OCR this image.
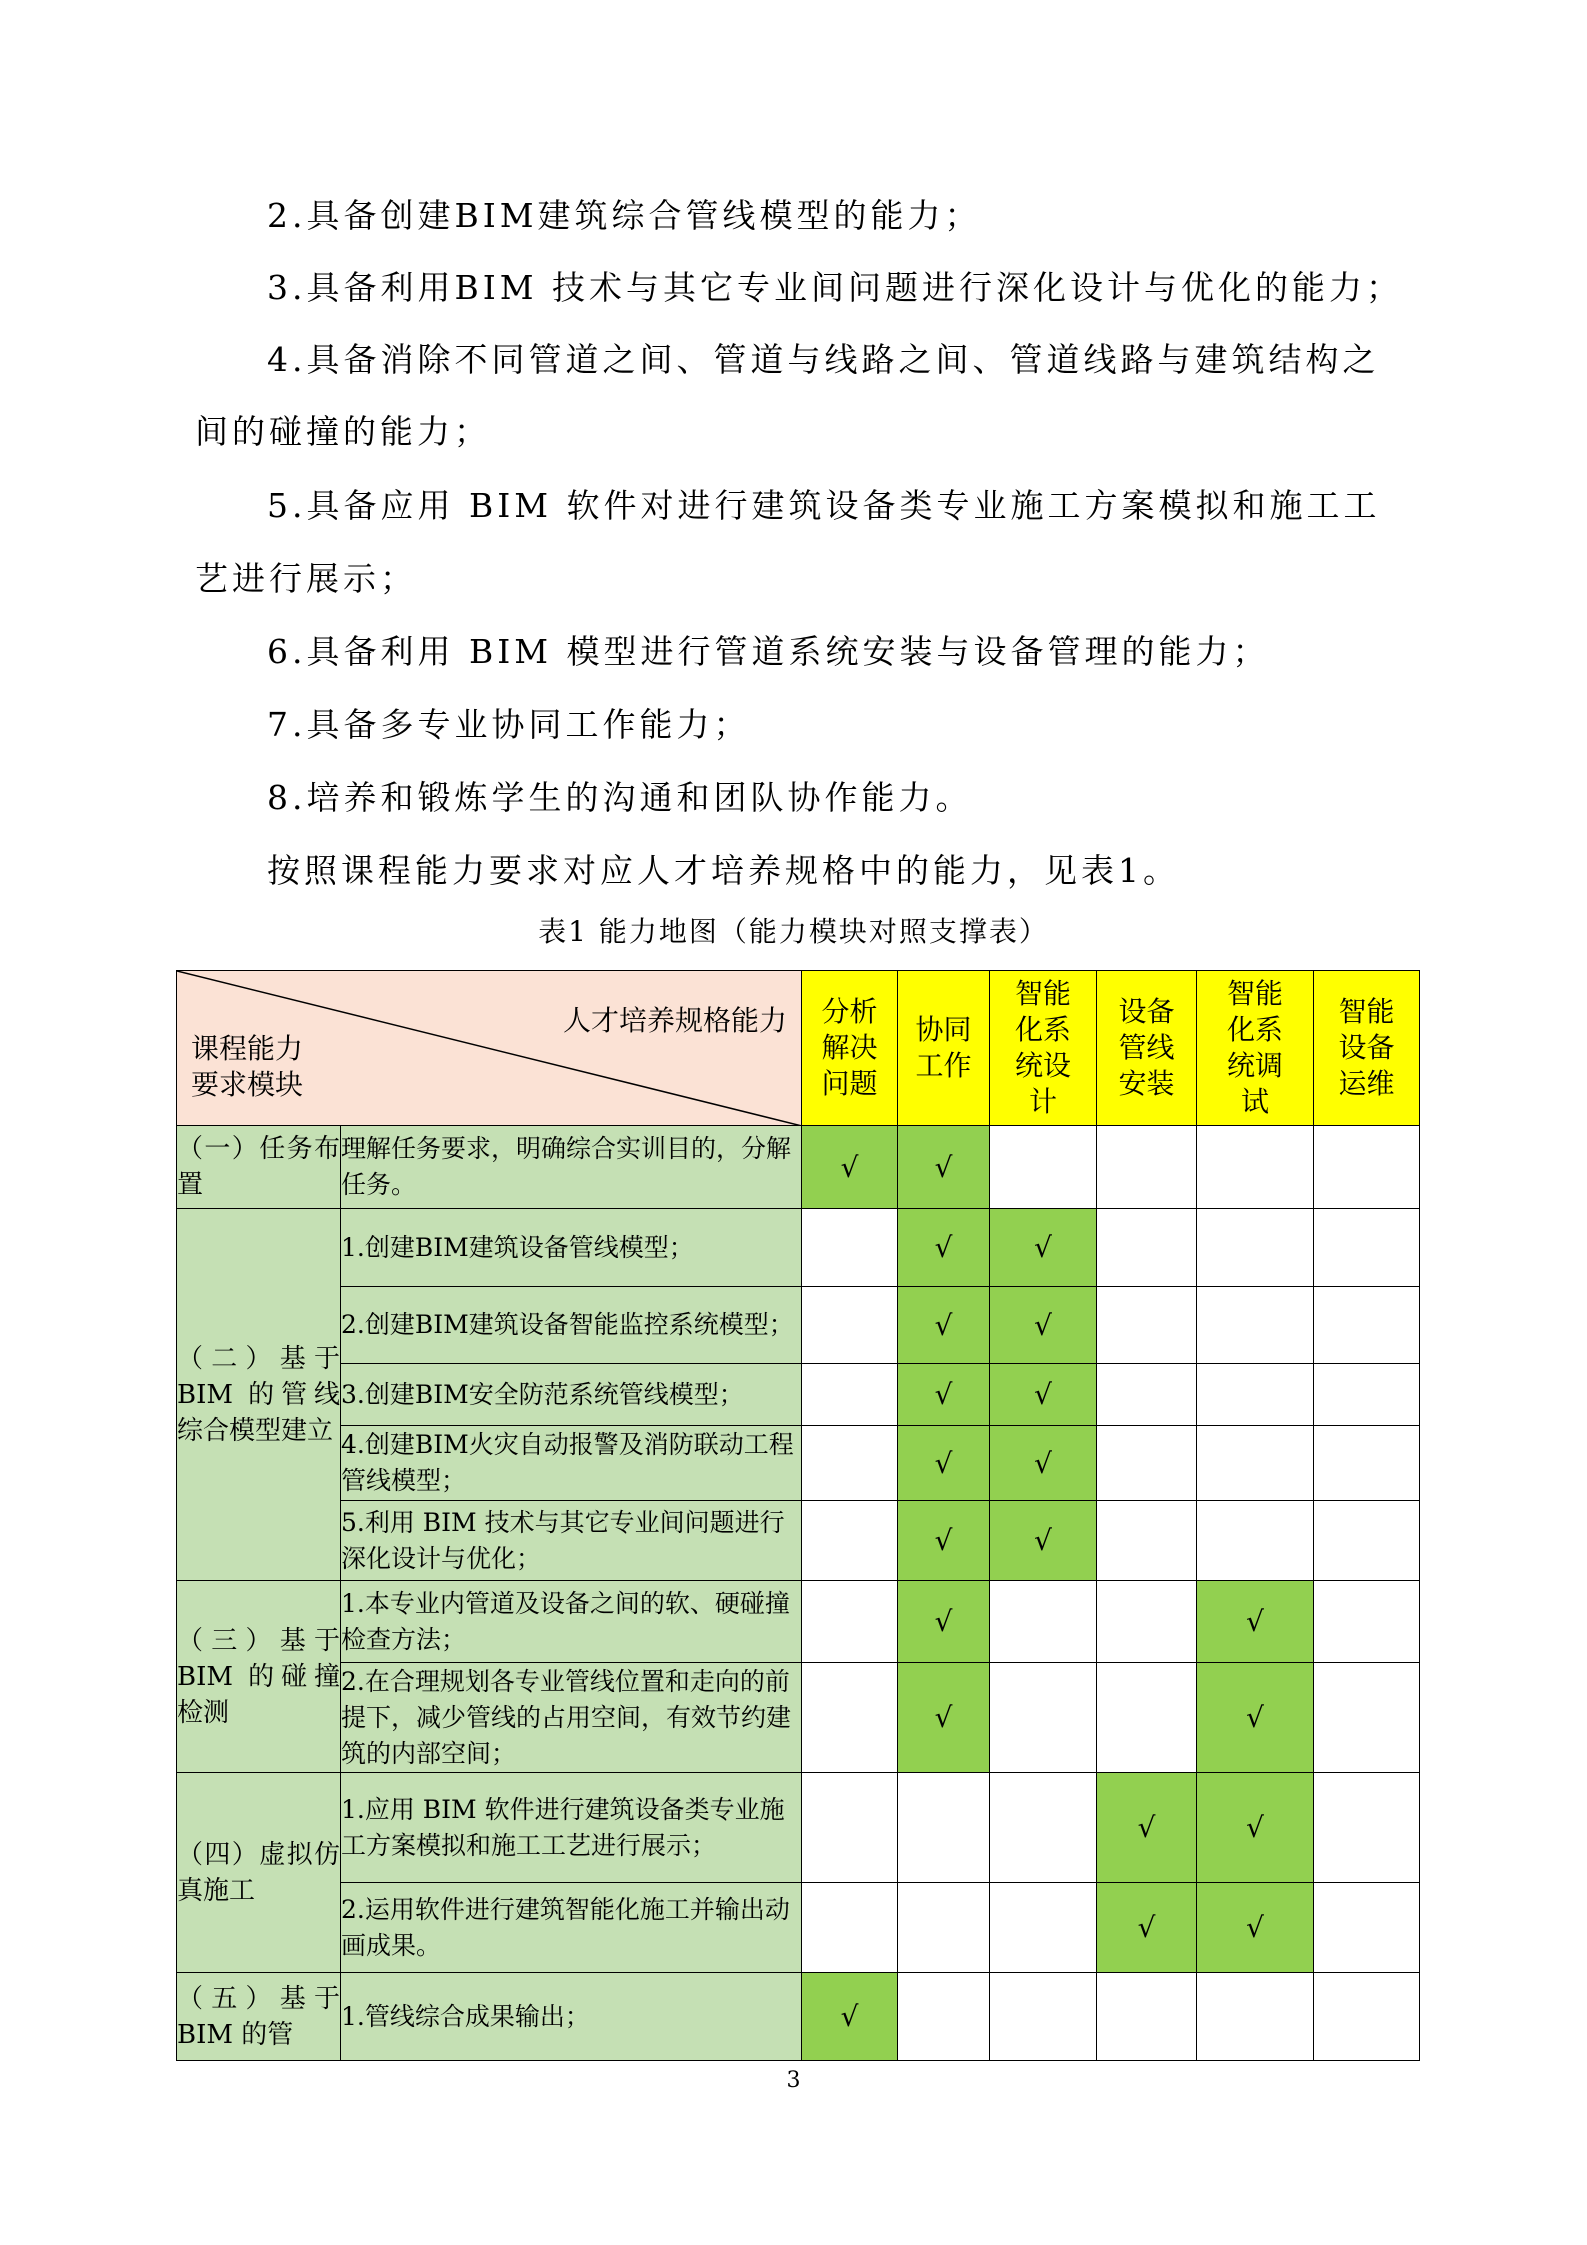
2.具备创建BIM建筑综合管线模型的能力；
3.具备利用BIM 技术与其它专业间问题进行深化设计与优化的能力；
4.具备消除不同管道之间、管道与线路之间、管道线路与建筑结构之
间的碰撞的能力；
5.具备应用 BIM 软件对进行建筑设备类专业施工方案模拟和施工工
艺进行展示；
6.具备利用 BIM 模型进行管道系统安装与设备管理的能力；
7.具备多专业协同工作能力；
8.培养和锻炼学生的沟通和团队协作能力。
按照课程能力要求对应人才培养规格中的能力，见表1。
表1 能力地图（能力模块对照支撑表）
人才培养规格能力
课程能力
要求模块		分析
解决
问题	协同
工作	智能
化系
统设
计	设备
管线
安装	智能
化系
统调
试	智能
设备
运维
（一）任务布置	理解任务要求，明确综合实训目的，分解任务。	√	√				
（二）基于BIM 的管线综合模型建立	1.创建BIM建筑设备管线模型；		√	√			
	2.创建BIM建筑设备智能监控系统模型；		√	√			
	3.创建BIM安全防范系统管线模型；		√	√			
	4.创建BIM火灾自动报警及消防联动工程管线模型；		√	√			
	5.利用 BIM 技术与其它专业间问题进行深化设计与优化；		√	√			
（三）基于BIM 的碰撞检测	1.本专业内管道及设备之间的软、硬碰撞检查方法；		√			√	
	2.在合理规划各专业管线位置和走向的前提下，减少管线的占用空间，有效节约建筑的内部空间；		√			√	
（四）虚拟仿真施工	1.应用 BIM 软件进行建筑设备类专业施工方案模拟和施工工艺进行展示；				√	√	
	2.运用软件进行建筑智能化施工并输出动画成果。				√	√	
（五）基于BIM 的管	1.管线综合成果输出；	√					
3
